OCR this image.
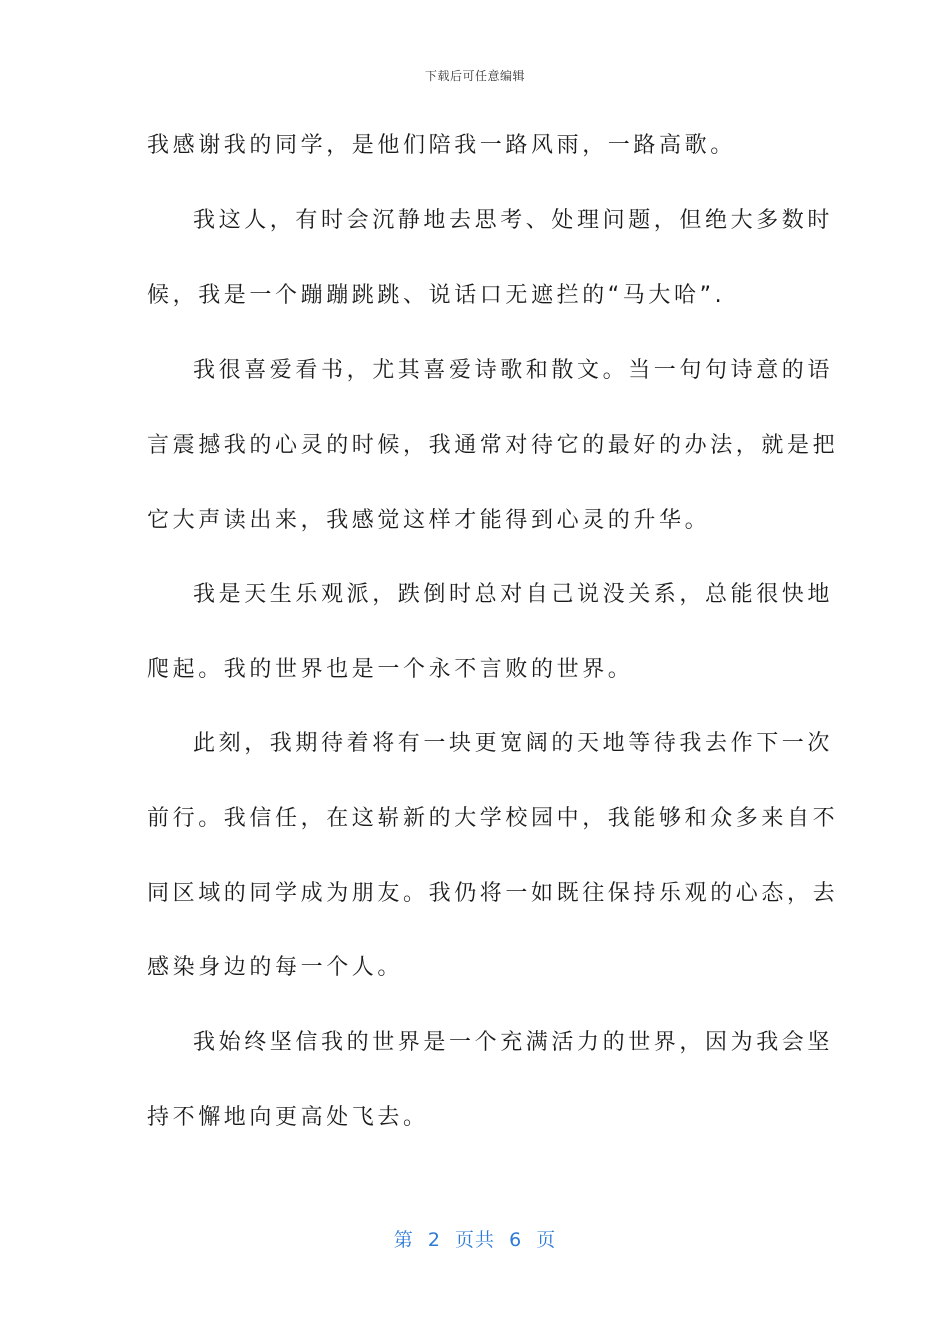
下载后可任意编辑
我感谢我的同学，是他们陪我一路风雨，一路高歌。
我这人，有时会沉静地去思考、处理问题，但绝大多数时
候，我是一个蹦蹦跳跳、说话口无遮拦的“马大哈”.
我很喜爱看书，尤其喜爱诗歌和散文。当一句句诗意的语
言震撼我的心灵的时候，我通常对待它的最好的办法，就是把
它大声读出来，我感觉这样才能得到心灵的升华。
我是天生乐观派，跌倒时总对自己说没关系，总能很快地
爬起。我的世界也是一个永不言败的世界。
此刻，我期待着将有一块更宽阔的天地等待我去作下一次
前行。我信任，在这崭新的大学校园中，我能够和众多来自不
同区域的同学成为朋友。我仍将一如既往保持乐观的心态，去
感染身边的每一个人。
我始终坚信我的世界是一个充满活力的世界，因为我会坚
持不懈地向更高处飞去。
第  2  页共  6  页
